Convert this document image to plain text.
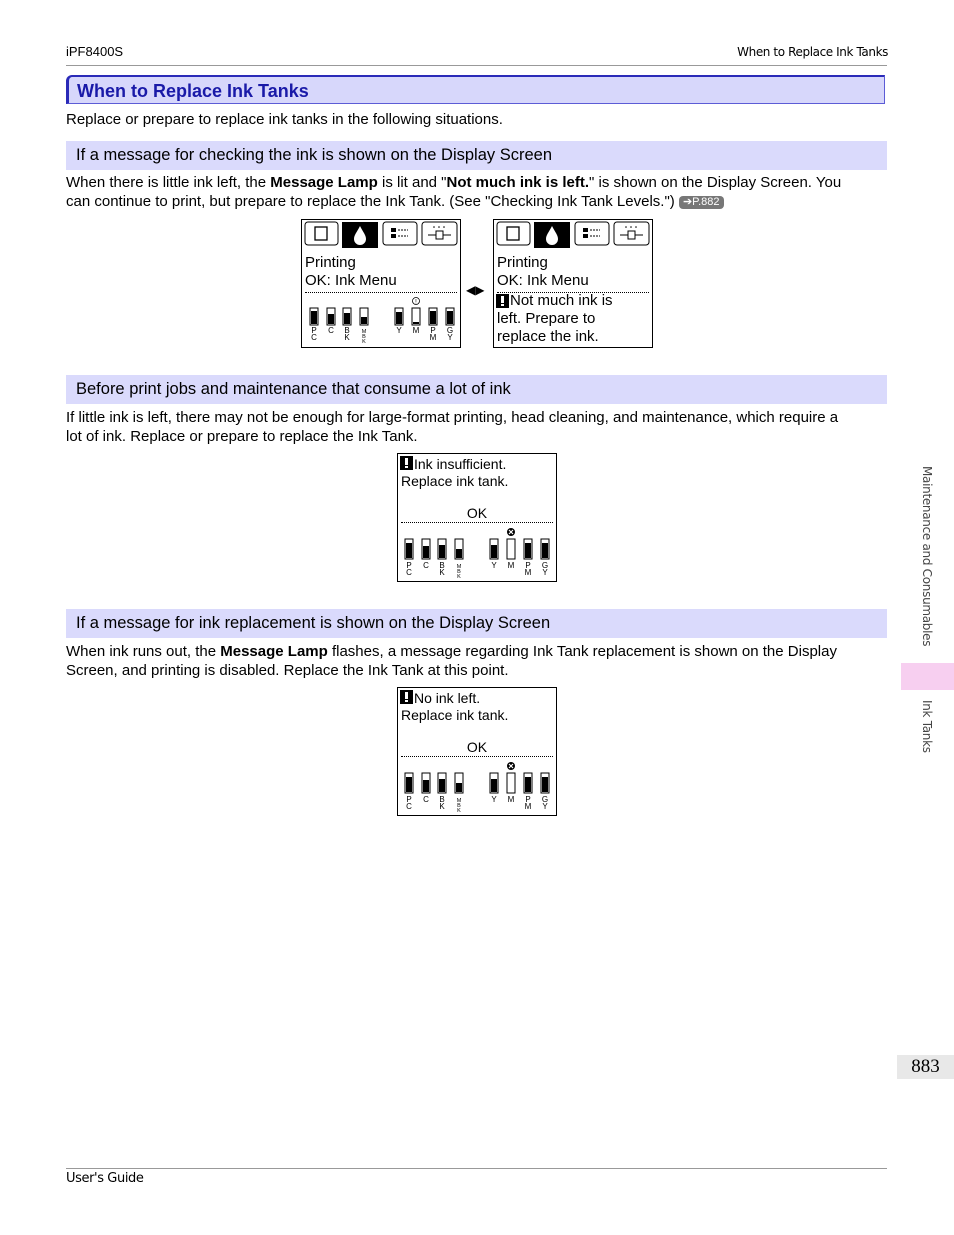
iPF8400S	When to Replace Ink Tanks
When to Replace Ink Tanks
Replace or prepare to replace ink tanks in the following situations.
If a message for checking the ink is shown on the Display Screen
When there is little ink left, the Message Lamp is lit and "Not much ink is left." is shown on the Display Screen. You
can continue to print, but prepare to replace the Ink Tank. (See "Checking Ink Tank Levels.") ➔P.882
Printing
OK: Ink Menu
!
P C
C B K
M B K
Y M P M
G Y
◀▶
Printing
OK: Ink Menu
Not much ink is
left. Prepare to
replace the ink.
Before print jobs and maintenance that consume a lot of ink
If little ink is left, there may not be enough for large-format printing, head cleaning, and maintenance, which require a
lot of ink. Replace or prepare to replace the Ink Tank.
Ink insufficient.
Replace ink tank.
OK
P C
C B K
M B K
Y M P M
G Y
If a message for ink replacement is shown on the Display Screen
When ink runs out, the Message Lamp flashes, a message regarding Ink Tank replacement is shown on the Display
Screen, and printing is disabled. Replace the Ink Tank at this point.
No ink left.
Replace ink tank.
OK
P C
C B K
M B K
Y M P M
G Y
Maintenance and Consumables
Ink Tanks
883
User's Guide
